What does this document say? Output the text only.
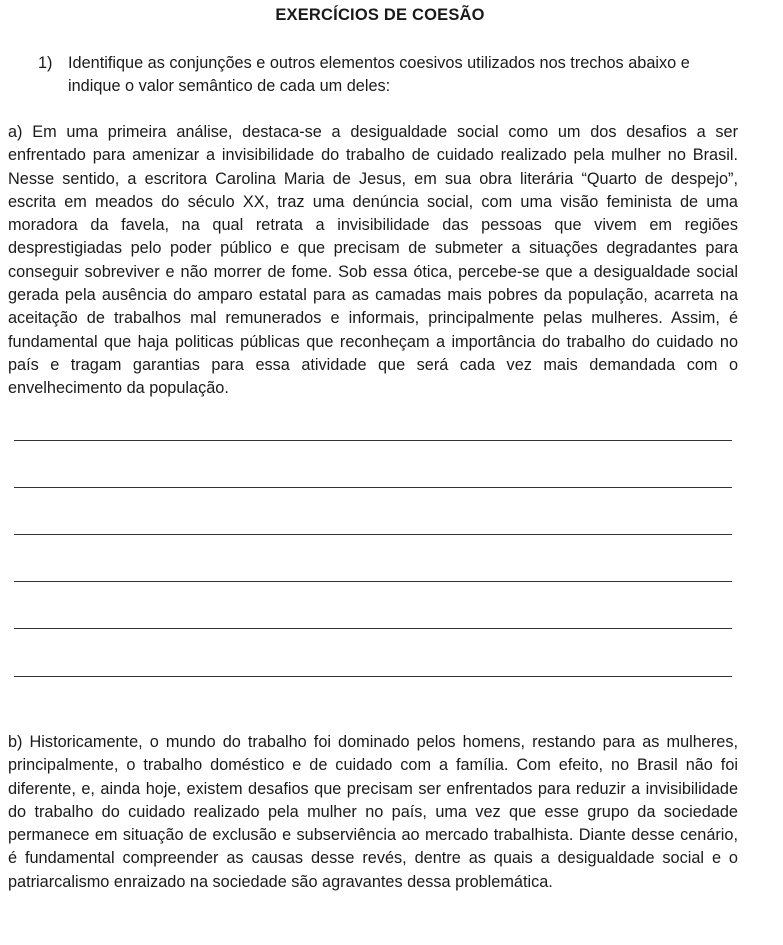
EXERCÍCIOS DE COESÃO
1) Identifique as conjunções e outros elementos coesivos utilizados nos trechos abaixo e indique o valor semântico de cada um deles:

a) Em uma primeira análise, destaca-se a desigualdade social como um dos desafios a ser enfrentado para amenizar a invisibilidade do trabalho de cuidado realizado pela mulher no Brasil. Nesse sentido, a escritora Carolina Maria de Jesus, em sua obra literária “Quarto de despejo”, escrita em meados do século XX, traz uma denúncia social, com uma visão feminista de uma moradora da favela, na qual retrata a invisibilidade das pessoas que vivem em regiões desprestigiadas pelo poder público e que precisam de submeter a situações degradantes para conseguir sobreviver e não morrer de fome. Sob essa ótica, percebe-se que a desigualdade social gerada pela ausência do amparo estatal para as camadas mais pobres da população, acarreta na aceitação de trabalhos mal remunerados e informais, principalmente pelas mulheres. Assim, é fundamental que haja politicas públicas que reconheçam a importância do trabalho do cuidado no país e tragam garantias para essa atividade que será cada vez mais demandada com o envelhecimento da população.

b) Historicamente, o mundo do trabalho foi dominado pelos homens, restando para as mulheres, principalmente, o trabalho doméstico e de cuidado com a família. Com efeito, no Brasil não foi diferente, e, ainda hoje, existem desafios que precisam ser enfrentados para reduzir a invisibilidade do trabalho do cuidado realizado pela mulher no país, uma vez que esse grupo da sociedade permanece em situação de exclusão e subserviência ao mercado trabalhista. Diante desse cenário, é fundamental compreender as causas desse revés, dentre as quais a desigualdade social e o patriarcalismo enraizado na sociedade são agravantes dessa problemática.
